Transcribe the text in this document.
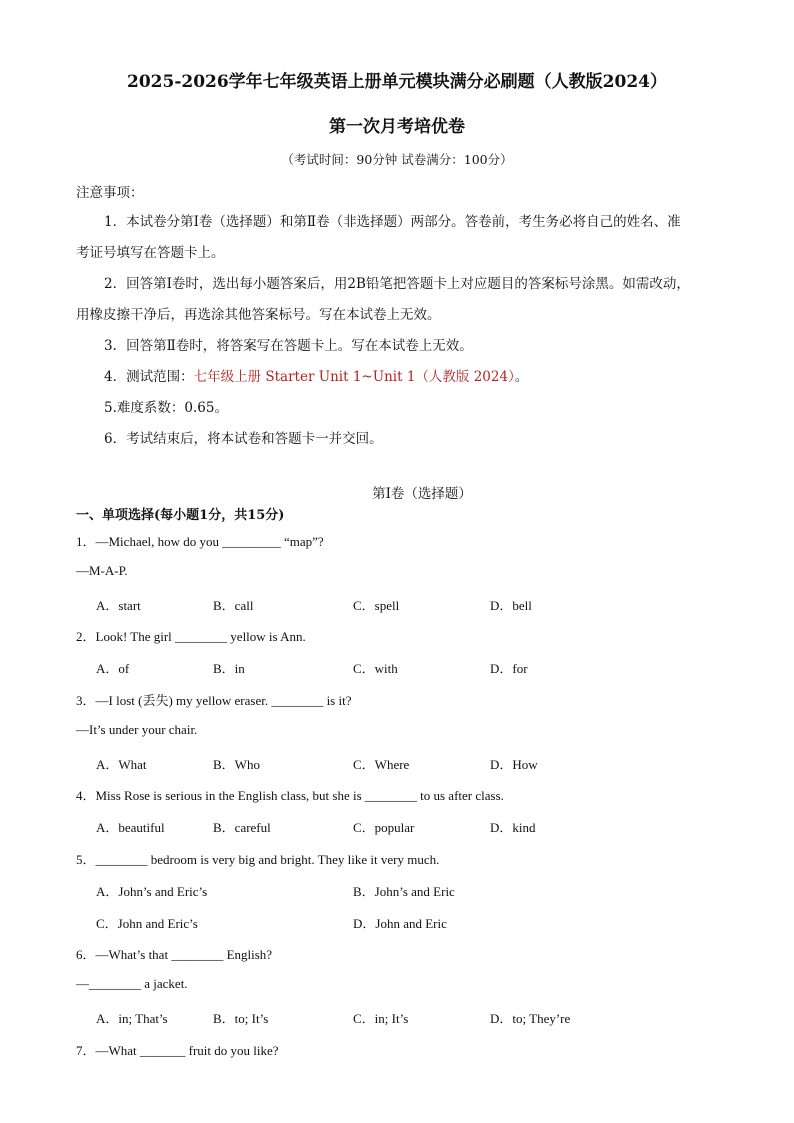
2025-2026学年七年级英语上册单元模块满分必刷题（人教版2024）
第一次月考培优卷
（考试时间：90分钟 试卷满分：100分）
注意事项：
1．本试卷分第Ⅰ卷（选择题）和第Ⅱ卷（非选择题）两部分。答卷前，考生务必将自己的姓名、准
考证号填写在答题卡上。
2．回答第Ⅰ卷时，选出每小题答案后，用2B铅笔把答题卡上对应题目的答案标号涂黑。如需改动，
用橡皮擦干净后，再选涂其他答案标号。写在本试卷上无效。
3．回答第Ⅱ卷时，将答案写在答题卡上。写在本试卷上无效。
4．测试范围：七年级上册 Starter Unit 1~Unit 1（人教版 2024）。
5.难度系数：0.65。
6．考试结束后，将本试卷和答题卡一并交回。
第Ⅰ卷（选择题）
一、单项选择(每小题1分，共15分)
1．—Michael, how do you _________ “map”?
—M-A-P.
A．start	B．call	C．spell	D．bell
2．Look! The girl ________ yellow is Ann.
A．of	B．in	C．with	D．for
3．—I lost (丢失) my yellow eraser. ________ is it?
—It’s under your chair.
A．What	B．Who	C．Where	D．How
4．Miss Rose is serious in the English class, but she is ________ to us after class.
A．beautiful	B．careful	C．popular	D．kind
5．________ bedroom is very big and bright. They like it very much.
A．John’s and Eric’s	B．John’s and Eric
C．John and Eric’s	D．John and Eric
6．—What’s that ________ English?
—________ a jacket.
A．in; That’s	B．to; It’s	C．in; It’s	D．to; They’re
7．—What _______ fruit do you like?
